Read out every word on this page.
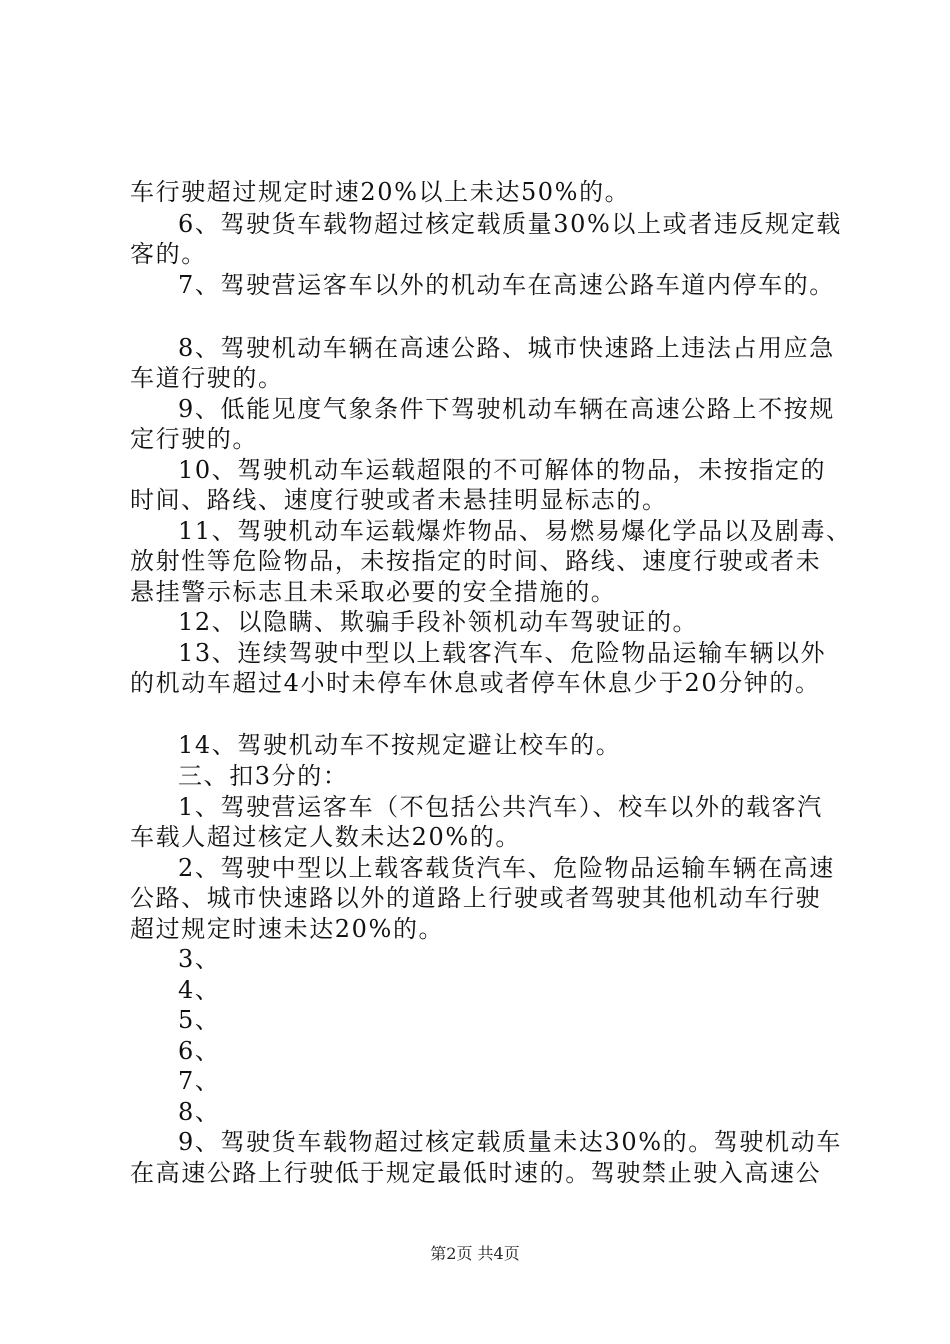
车行驶超过规定时速20%以上未达50%的。
6、驾驶货车载物超过核定载质量30%以上或者违反规定载
客的。
7、驾驶营运客车以外的机动车在高速公路车道内停车的。
8、驾驶机动车辆在高速公路、城市快速路上违法占用应急
车道行驶的。
9、低能见度气象条件下驾驶机动车辆在高速公路上不按规
定行驶的。
10、驾驶机动车运载超限的不可解体的物品，未按指定的
时间、路线、速度行驶或者未悬挂明显标志的。
11、驾驶机动车运载爆炸物品、易燃易爆化学品以及剧毒、
放射性等危险物品，未按指定的时间、路线、速度行驶或者未
悬挂警示标志且未采取必要的安全措施的。
12、以隐瞒、欺骗手段补领机动车驾驶证的。
13、连续驾驶中型以上载客汽车、危险物品运输车辆以外
的机动车超过4小时未停车休息或者停车休息少于20分钟的。
14、驾驶机动车不按规定避让校车的。
三、扣3分的：
1、驾驶营运客车（不包括公共汽车）、校车以外的载客汽
车载人超过核定人数未达20%的。
2、驾驶中型以上载客载货汽车、危险物品运输车辆在高速
公路、城市快速路以外的道路上行驶或者驾驶其他机动车行驶
超过规定时速未达20%的。
3、
4、
5、
6、
7、
8、
9、驾驶货车载物超过核定载质量未达30%的。驾驶机动车
在高速公路上行驶低于规定最低时速的。驾驶禁止驶入高速公
第2页 共4页
